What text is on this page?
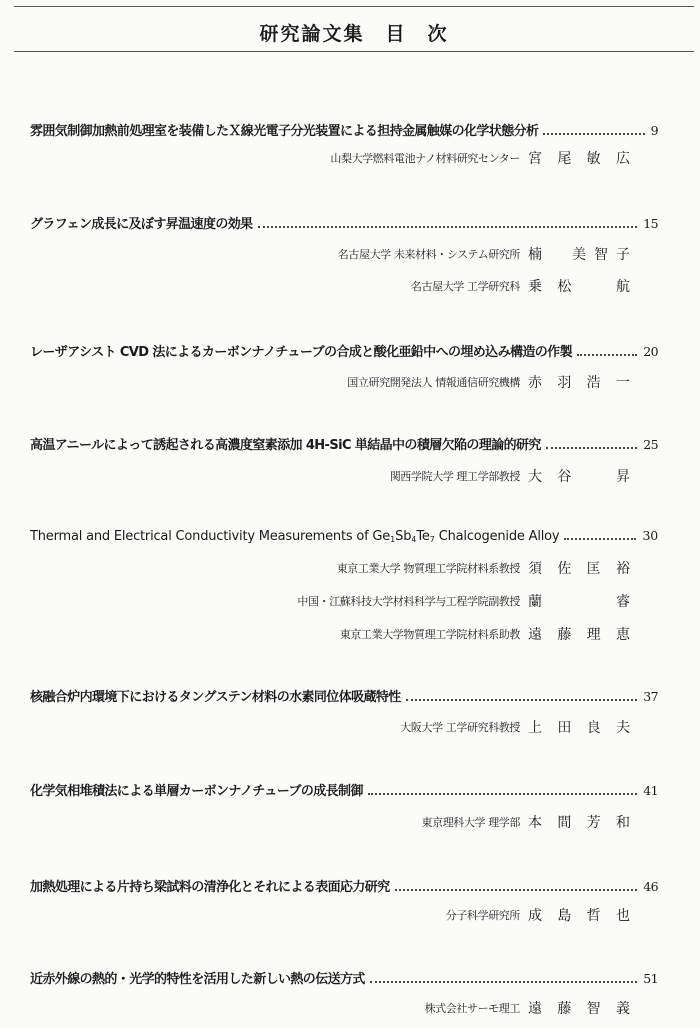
研究論文集　目　次
雰囲気制御加熱前処理室を装備したＸ線光電子分光装置による担持金属触媒の化学状態分析	9
山梨大学燃料電池ナノ材料研究センター 宮尾敏広
グラフェン成長に及ぼす昇温速度の効果	15
名古屋大学 未来材料・システム研究所 楠　美智子
名古屋大学 工学研究科 乗松　航
レーザアシスト CVD 法によるカーボンナノチューブの合成と酸化亜鉛中への埋め込み構造の作製	20
国立研究開発法人 情報通信研究機構 赤羽浩一
高温アニールによって誘起される高濃度窒素添加 4H-SiC 単結晶中の積層欠陥の理論的研究	25
関西学院大学 理工学部教授 大谷　昇
Thermal and Electrical Conductivity Measurements of $Ge_1Sb_4Te_7$ Chalcogenide Alloy	30
東京工業大学 物質理工学院材料系教授 須佐匡裕
中国・江蘇科技大学材料科学与工程学院副教授 蘭　睿
東京工業大学物質理工学院材料系助教 遠藤理恵
核融合炉内環境下におけるタングステン材料の水素同位体吸蔵特性	37
大阪大学 工学研究科教授 上田良夫
化学気相堆積法による単層カーボンナノチューブの成長制御	41
東京理科大学 理学部 本間芳和
加熱処理による片持ち梁試料の清浄化とそれによる表面応力研究	46
分子科学研究所 成島哲也
近赤外線の熱的・光学的特性を活用した新しい熱の伝送方式	51
株式会社サーモ理工 遠藤智義
